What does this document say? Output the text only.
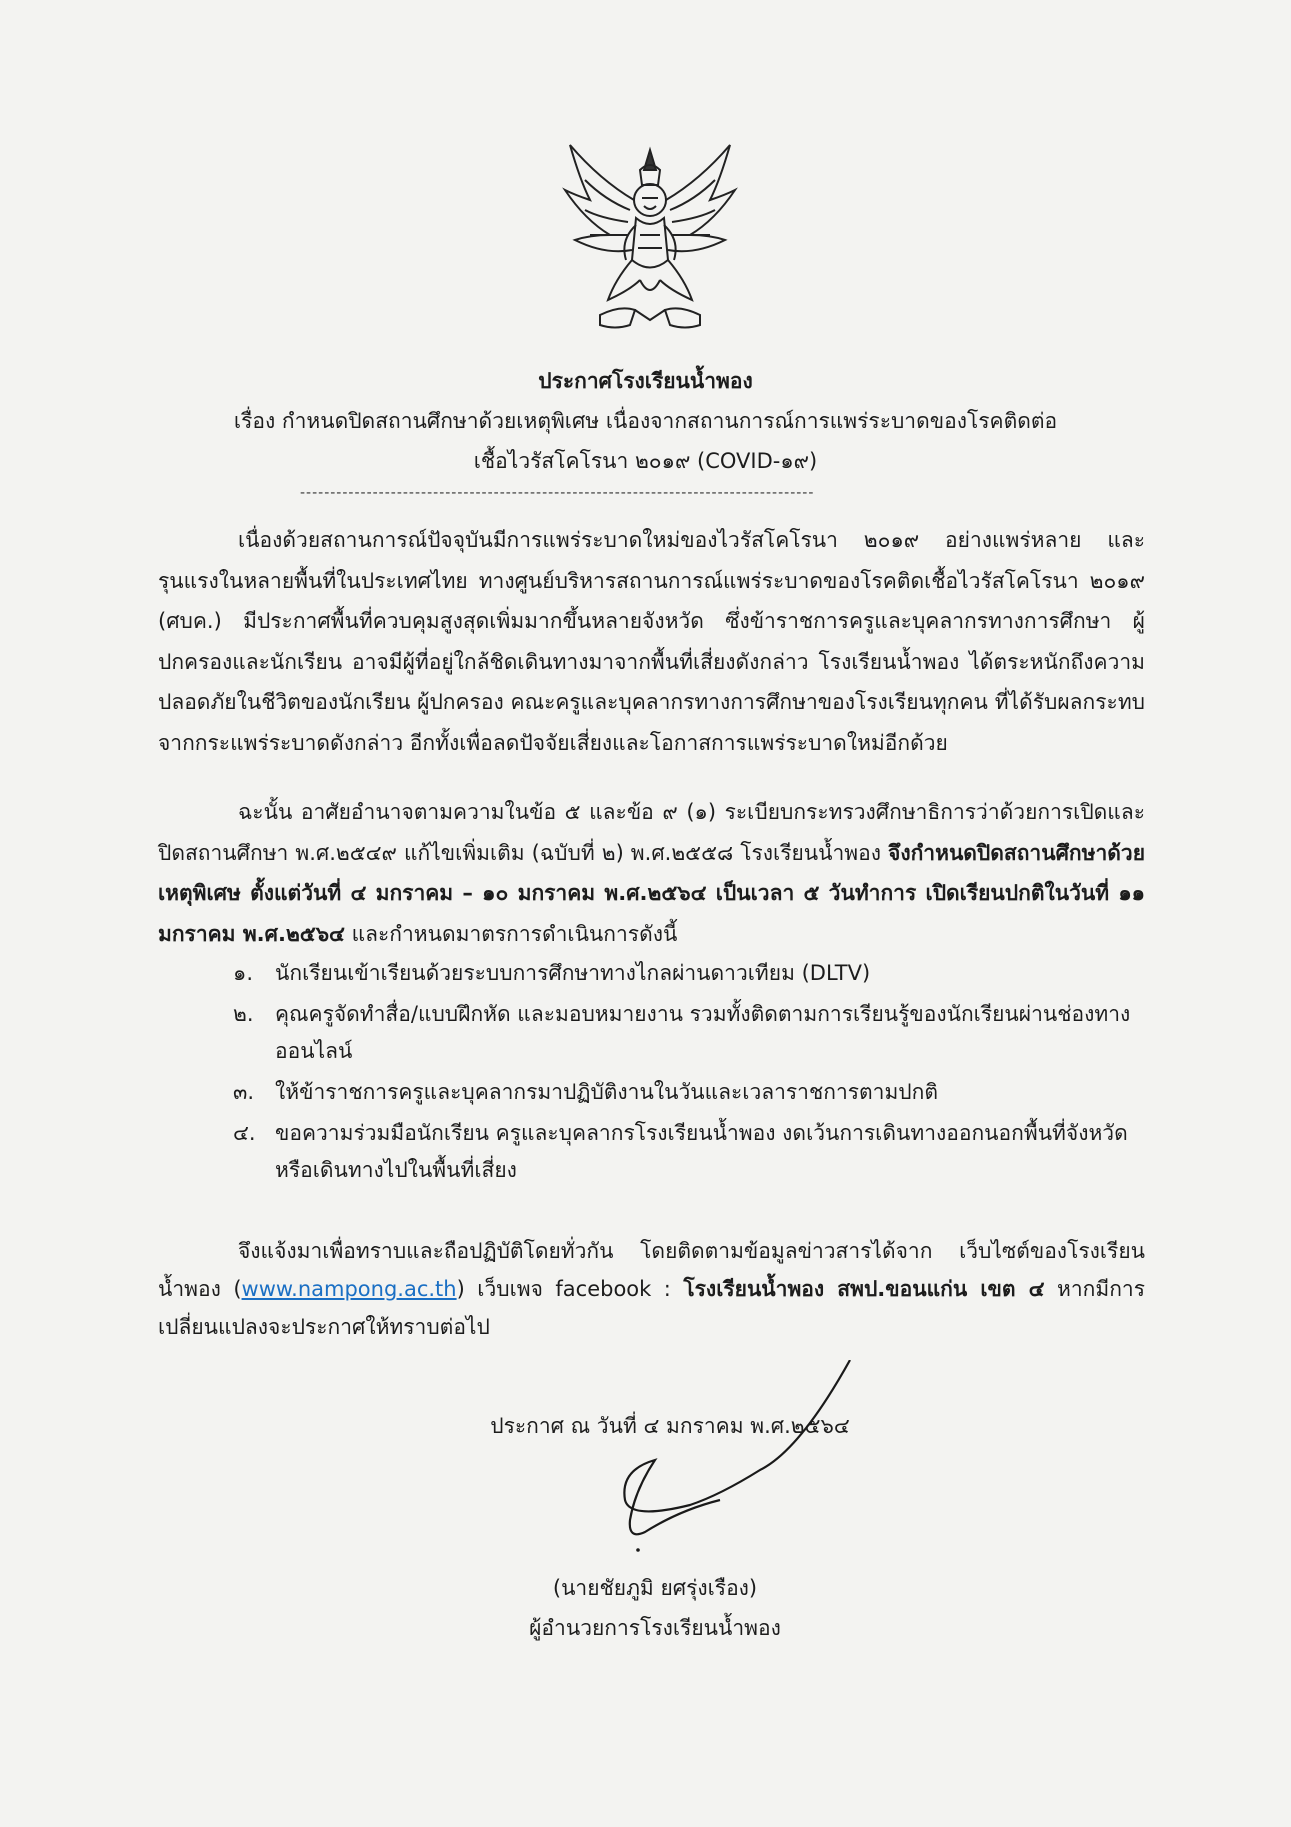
ประกาศโรงเรียนน้ำพอง
เรื่อง กำหนดปิดสถานศึกษาด้วยเหตุพิเศษ เนื่องจากสถานการณ์การแพร่ระบาดของโรคติดต่อ
เชื้อไวรัสโคโรนา ๒๐๑๙ (COVID-๑๙)
-------------------------------------------------------------------------------------
เนื่องด้วยสถานการณ์ปัจจุบันมีการแพร่ระบาดใหม่ของไวรัสโคโรนา ๒๐๑๙ อย่างแพร่หลาย และรุนแรงในหลายพื้นที่ในประเทศไทย ทางศูนย์บริหารสถานการณ์แพร่ระบาดของโรคติดเชื้อไวรัสโคโรนา ๒๐๑๙ (ศบค.) มีประกาศพื้นที่ควบคุมสูงสุดเพิ่มมากขึ้นหลายจังหวัด ซึ่งข้าราชการครูและบุคลากรทางการศึกษา ผู้ปกครองและนักเรียน อาจมีผู้ที่อยู่ใกล้ชิดเดินทางมาจากพื้นที่เสี่ยงดังกล่าว โรงเรียนน้ำพอง ได้ตระหนักถึงความปลอดภัยในชีวิตของนักเรียน ผู้ปกครอง คณะครูและบุคลากรทางการศึกษาของโรงเรียนทุกคน ที่ได้รับผลกระทบจากกระแพร่ระบาดดังกล่าว อีกทั้งเพื่อลดปัจจัยเสี่ยงและโอกาสการแพร่ระบาดใหม่อีกด้วย
ฉะนั้น อาศัยอำนาจตามความในข้อ ๕ และข้อ ๙ (๑) ระเบียบกระทรวงศึกษาธิการว่าด้วยการเปิดและปิดสถานศึกษา พ.ศ.๒๕๔๙ แก้ไขเพิ่มเติม (ฉบับที่ ๒) พ.ศ.๒๕๕๘ โรงเรียนน้ำพอง จึงกำหนดปิดสถานศึกษาด้วยเหตุพิเศษ ตั้งแต่วันที่ ๔ มกราคม – ๑๐ มกราคม พ.ศ.๒๕๖๔ เป็นเวลา ๕ วันทำการ เปิดเรียนปกติในวันที่ ๑๑ มกราคม พ.ศ.๒๕๖๔ และกำหนดมาตรการดำเนินการดังนี้
๑. นักเรียนเข้าเรียนด้วยระบบการศึกษาทางไกลผ่านดาวเทียม (DLTV)
๒. คุณครูจัดทำสื่อ/แบบฝึกหัด และมอบหมายงาน รวมทั้งติดตามการเรียนรู้ของนักเรียนผ่านช่องทางออนไลน์
๓. ให้ข้าราชการครูและบุคลากรมาปฏิบัติงานในวันและเวลาราชการตามปกติ
๔. ขอความร่วมมือนักเรียน ครูและบุคลากรโรงเรียนน้ำพอง งดเว้นการเดินทางออกนอกพื้นที่จังหวัด หรือเดินทางไปในพื้นที่เสี่ยง
จึงแจ้งมาเพื่อทราบและถือปฏิบัติโดยทั่วกัน โดยติดตามข้อมูลข่าวสารได้จาก เว็บไซต์ของโรงเรียนน้ำพอง (www.nampong.ac.th) เว็บเพจ facebook : โรงเรียนน้ำพอง สพป.ขอนแก่น เขต ๔ หากมีการเปลี่ยนแปลงจะประกาศให้ทราบต่อไป
ประกาศ ณ วันที่ ๔ มกราคม พ.ศ.๒๕๖๔
(นายชัยภูมิ ยศรุ่งเรือง)
ผู้อำนวยการโรงเรียนน้ำพอง
